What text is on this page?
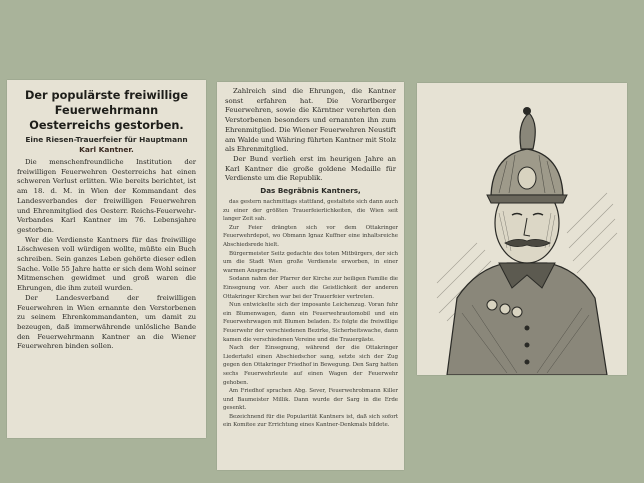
Der populärste freiwillige Feuerwehrmann Oesterreichs gestorben.
Eine Riesen-Trauerfeier für Hauptmann
Karl Kantner.
Die menschenfreundliche Institution der freiwilligen Feuerwehren Oesterreichs hat einen schweren Verlust erlitten. Wie bereits berichtet, ist am 18. d. M. in Wien der Kommandant des Landesverbandes der freiwilligen Feuerwehren und Ehrenmitglied des Oesterr. Reichs-Feuerwehr-Verbandes Karl Kantner im 76. Lebensjahre gestorben.
Wer die Verdienste Kantners für das freiwillige Löschwesen voll würdigen wollte, müßte ein Buch schreiben. Sein ganzes Leben gehörte dieser edlen Sache. Volle 55 Jahre hatte er sich dem Wohl seiner Mitmenschen gewidmet und groß waren die Ehrungen, die ihm zuteil wurden.
Der Landesverband der freiwilligen Feuerwehren in Wien ernannte den Verstorbenen zu seinem Ehrenkommandanten, um damit zu bezeugen, daß immerwährende unlösliche Bande den Feuerwehrmann Kantner an die Wiener Feuerwehren binden sollen.
Zahlreich sind die Ehrungen, die Kantner sonst erfahren hat. Die Vorarlberger Feuerwehren, sowie die Kärntner verehrten den Verstorbenen besonders und ernannten ihn zum Ehrenmitglied. Die Wiener Feuerwehren Neustift am Walde und Währing führten Kantner mit Stolz als Ehrenmitglied.
Der Bund verlieh erst im heurigen Jahre an Karl Kantner die große goldene Medaille für Verdienste um die Republik.
Das Begräbnis Kantners,
das gestern nachmittags stattfand, gestaltete sich dann auch zu einer der größten Trauerfeierlichkeiten, die Wien seit langer Zeit sah.
Zur Feier drängten sich vor dem Ottakringer Feuerwehrdepot, wo Obmann Ignaz Kuffner eine inhaltsreiche Abschiedsrede hielt.
Bürgermeister Seitz gedachte des toten Mitbürgers, der sich um die Stadt Wien große Verdienste erworben, in einer warmen Ansprache.
Sodann nahm der Pfarrer der Kirche zur heiligen Familie die Einsegnung vor. Aber auch die Geistlichkeit der anderen Ottakringer Kirchen war bei der Trauerfeier vertreten.
Nun entwickelte sich der imposante Leichenzug. Voran fuhr ein Blumenwagen, dann ein Feuerwehrautomobil und ein Feuerwehrwagen mit Blumen beladen. Es folgte die freiwillige Feuerwehr der verschiedenen Bezirke, Sicherheitswache, dann kamen die verschiedenen Vereine und die Trauergäste.
Nach der Einsegnung, während der die Ottakringer Liedertafel einen Abschiedschor sang, setzte sich der Zug gegen den Ottakringer Friedhof in Bewegung. Den Sarg hatten sechs Feuerwehrleute auf einen Wagen der Feuerwehr gehoben.
Am Friedhof sprachen Abg. Sever, Feuerwehrobmann Killer und Baumeister Millik. Dann wurde der Sarg in die Erde gesenkt.
Bezeichnend für die Popularität Kantners ist, daß sich sofort ein Komitee zur Errichtung eines Kantner-Denkmals bildete.
